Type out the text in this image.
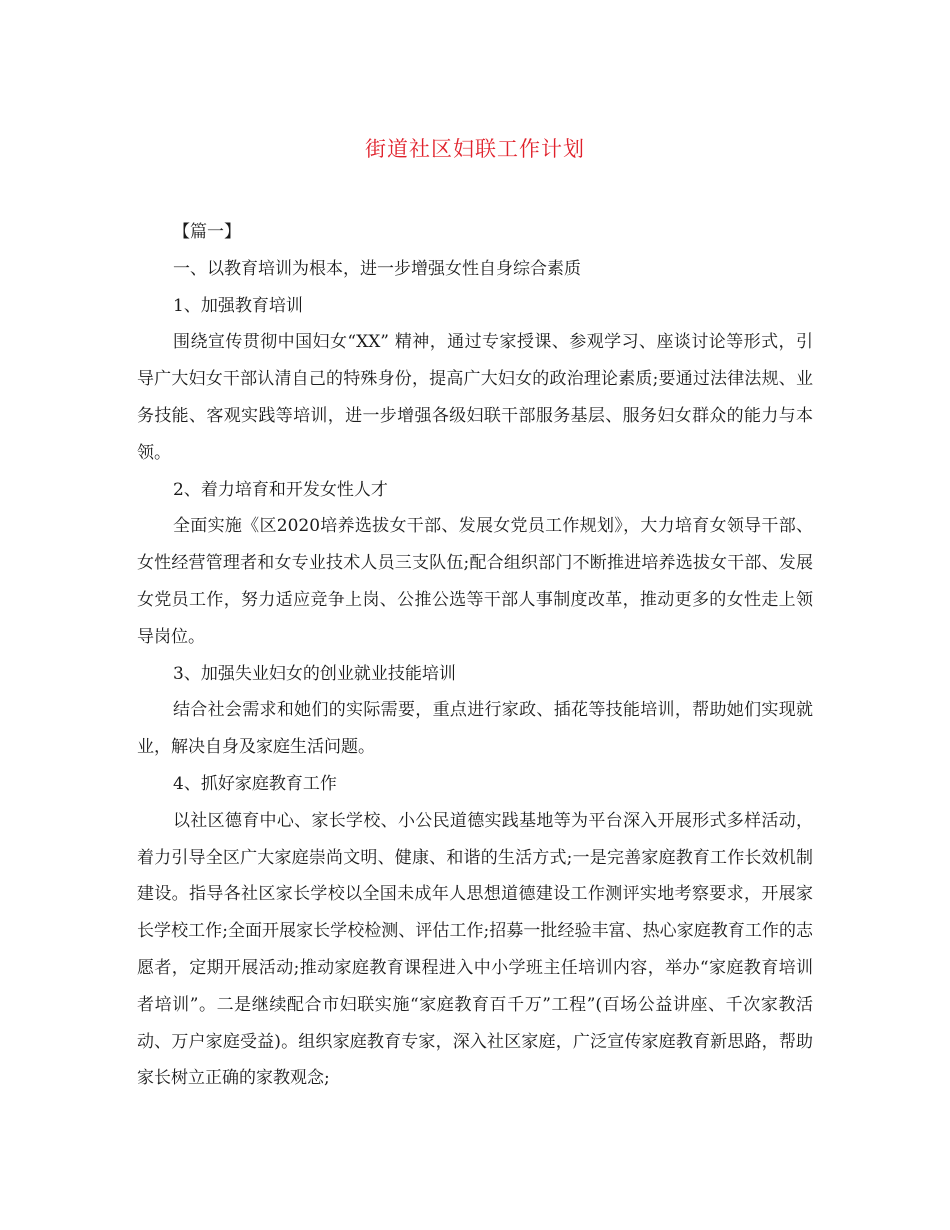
街道社区妇联工作计划

【篇一】

一、以教育培训为根本，进一步增强女性自身综合素质

1、加强教育培训

围绕宣传贯彻中国妇女“XX” 精神，通过专家授课、参观学习、座谈讨论等形式，引导广大妇女干部认清自己的特殊身份，提高广大妇女的政治理论素质;要通过法律法规、业务技能、客观实践等培训，进一步增强各级妇联干部服务基层、服务妇女群众的能力与本领。

2、着力培育和开发女性人才

全面实施《区2020培养选拔女干部、发展女党员工作规划》，大力培育女领导干部、女性经营管理者和女专业技术人员三支队伍;配合组织部门不断推进培养选拔女干部、发展女党员工作，努力适应竞争上岗、公推公选等干部人事制度改革，推动更多的女性走上领导岗位。

3、加强失业妇女的创业就业技能培训

结合社会需求和她们的实际需要，重点进行家政、插花等技能培训，帮助她们实现就业，解决自身及家庭生活问题。

4、抓好家庭教育工作

以社区德育中心、家长学校、小公民道德实践基地等为平台深入开展形式多样活动，着力引导全区广大家庭崇尚文明、健康、和谐的生活方式;一是完善家庭教育工作长效机制建设。指导各社区家长学校以全国未成年人思想道德建设工作测评实地考察要求，开展家长学校工作;全面开展家长学校检测、评估工作;招募一批经验丰富、热心家庭教育工作的志愿者，定期开展活动;推动家庭教育课程进入中小学班主任培训内容，举办“家庭教育培训者培训”。二是继续配合市妇联实施“家庭教育百千万”工程”(百场公益讲座、千次家教活动、万户家庭受益)。组织家庭教育专家，深入社区家庭，广泛宣传家庭教育新思路，帮助家长树立正确的家教观念;
